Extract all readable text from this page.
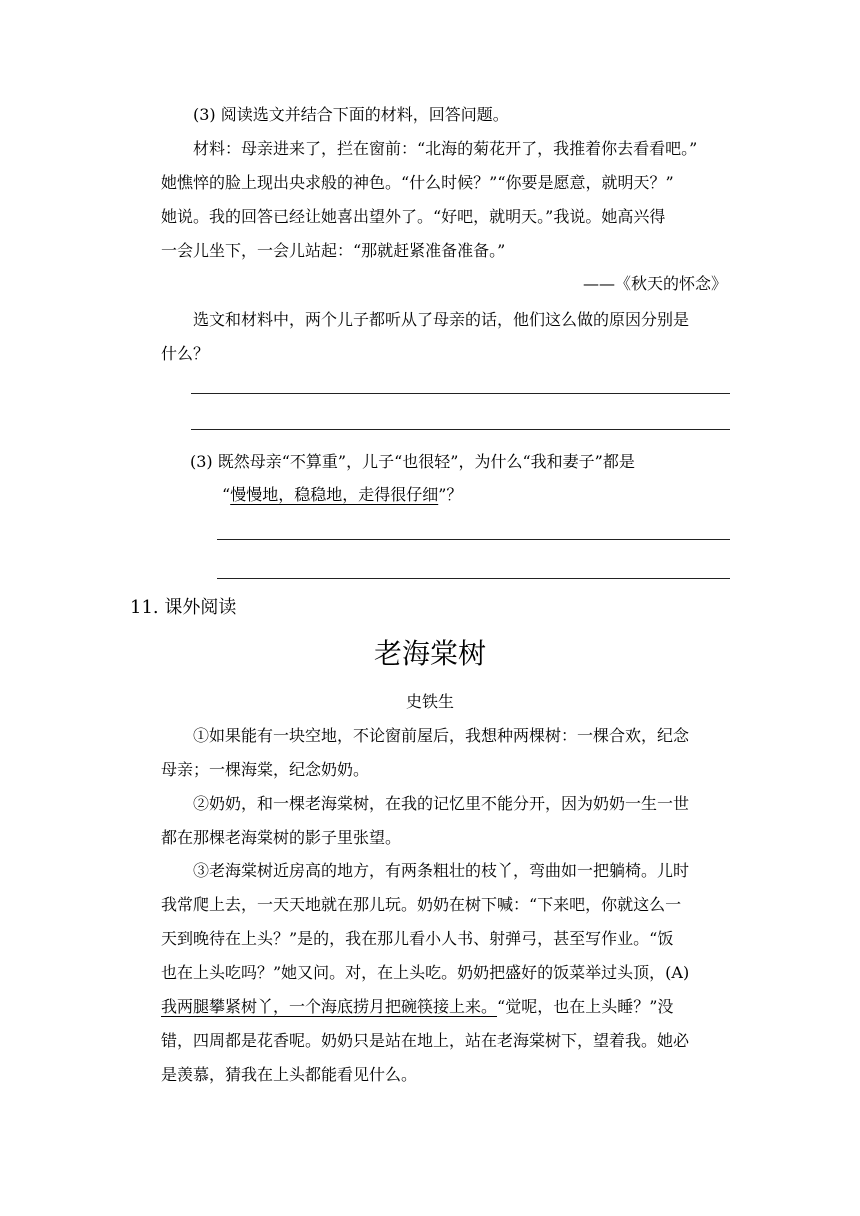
(3) 阅读选文并结合下面的材料，回答问题。
材料：母亲进来了，拦在窗前：“北海的菊花开了，我推着你去看看吧。”
她憔悴的脸上现出央求般的神色。“什么时候？”“你要是愿意，就明天？”
她说。我的回答已经让她喜出望外了。“好吧，就明天。”我说。她高兴得
一会儿坐下，一会儿站起：“那就赶紧准备准备。”
——《秋天的怀念》
选文和材料中，两个儿子都听从了母亲的话，他们这么做的原因分别是
什么？
(3) 既然母亲“不算重”，儿子“也很轻”，为什么“我和妻子”都是
“慢慢地，稳稳地，走得很仔细”？
11. 课外阅读
老海棠树
史铁生
①如果能有一块空地，不论窗前屋后，我想种两棵树：一棵合欢，纪念
母亲；一棵海棠，纪念奶奶。
②奶奶，和一棵老海棠树，在我的记忆里不能分开，因为奶奶一生一世
都在那棵老海棠树的影子里张望。
③老海棠树近房高的地方，有两条粗壮的枝丫，弯曲如一把躺椅。儿时
我常爬上去，一天天地就在那儿玩。奶奶在树下喊：“下来吧，你就这么一
天到晚待在上头？”是的，我在那儿看小人书、射弹弓，甚至写作业。“饭
也在上头吃吗？”她又问。对，在上头吃。奶奶把盛好的饭菜举过头顶，(A)
我两腿攀紧树丫，一个海底捞月把碗筷接上来。“觉呢，也在上头睡？”没
错，四周都是花香呢。奶奶只是站在地上，站在老海棠树下，望着我。她必
是羡慕，猜我在上头都能看见什么。
